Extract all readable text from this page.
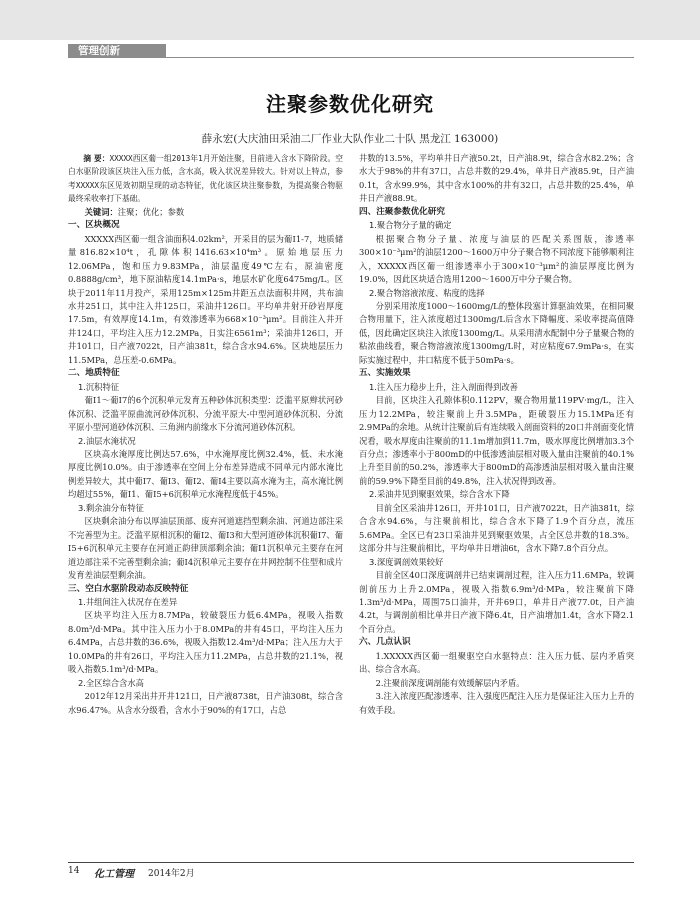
管理创新
注聚参数优化研究
薛永宏(大庆油田采油二厂作业大队作业二十队 黑龙江 163000)
摘 要：XXXXX西区葡一组2013年1月开始注聚，目前进入含水下降阶段。空白水驱阶段该区块注入压力低，含水高，吸入状况差异较大。针对以上特点，参考XXXXX东区见效初期呈现的动态特征，优化该区块注聚参数，为提高聚合物驱最终采收率打下基础。
关键词：注聚；优化；参数
一、区块概况
XXXXX西区葡一组含油面积4.02km²，开采目的层为葡Ⅰ1-7，地质储量816.82×10⁴t，孔隙体积1416.63×10⁴m³。原始地层压力12.06MPa，饱和压力9.83MPa，油层温度49℃左右，原油密度0.8888g/cm³，地下原油粘度14.1mPa·s，地层水矿化度6475mg/L。区块于2011年11月投产，采用125m×125m井距五点法面积井网，共布油水井251口，其中注入井125口，采油井126口。平均单井射开砂岩厚度17.5m，有效厚度14.1m，有效渗透率为668×10⁻³μm²。目前注入井开井124口，平均注入压力12.2MPa，日实注6561m³；采油井126口，开井101口，日产液7022t，日产油381t，综合含水94.6%。区块地层压力11.5MPa，总压差-0.6MPa。
二、地质特征
1.沉积特征
葡Ⅰ1～葡Ⅰ7的6个沉积单元发育五种砂体沉积类型：泛滥平原辫状河砂体沉积、泛滥平原曲流河砂体沉积、分流平原大-中型河道砂体沉积、分流平原小型河道砂体沉积、三角洲内前缘水下分流河道砂体沉积。
2.油层水淹状况
区块高水淹厚度比例达57.6%，中水淹厚度比例32.4%，低、未水淹厚度比例10.0%。由于渗透率在空间上分布差异造成不同单元内部水淹比例差异较大，其中葡Ⅰ7、葡Ⅰ3、葡Ⅰ2、葡Ⅰ4主要以高水淹为主，高水淹比例均超过55%，葡Ⅰ1、葡Ⅰ5+6沉积单元水淹程度低于45%。
3.剩余油分布特征
区块剩余油分布以厚油层顶部、废弃河道遮挡型剩余油、河道边部注采不完善型为主。泛滥平原相沉积的葡Ⅰ2、葡Ⅰ3和大型河道砂体沉积葡Ⅰ7、葡Ⅰ5+6沉积单元主要存在河道正韵律顶部剩余油；葡Ⅰ1沉积单元主要存在河道边部注采不完善型剩余油；葡Ⅰ4沉积单元主要存在井网控制不住型和成片发育差油层型剩余油。
三、空白水驱阶段动态反映特征
1.井组间注入状况存在差异
区块平均注入压力8.7MPa，较破裂压力低6.4MPa，视吸入指数8.0m³/d·MPa。其中注入压力小于8.0MPa的井有45口，平均注入压力6.4MPa，占总井数的36.6%，视吸入指数12.4m³/d·MPa；注入压力大于10.0MPa的井有26口，平均注入压力11.2MPa，占总井数的21.1%，视吸入指数5.1m³/d·MPa。
2.全区综合含水高
2012年12月采出井开井121口，日产液8738t，日产油308t，综合含水96.47%。从含水分级看，含水小于90%的有17口，占总
井数的13.5%，平均单井日产液50.2t，日产油8.9t，综合含水82.2%；含水大于98%的井有37口，占总井数的29.4%，单井日产液85.9t，日产油0.1t，含水99.9%，其中含水100%的井有32口，占总井数的25.4%，单井日产液88.9t。
四、注聚参数优化研究
1.聚合物分子量的确定
根据聚合物分子量、浓度与油层的匹配关系图版，渗透率300×10⁻³μm²的油层1200～1600万中分子聚合物不同浓度下能够顺利注入，XXXXX西区葡一组渗透率小于300×10⁻³μm²的油层厚度比例为19.0%，因此区块适合选用1200～1600万中分子聚合物。
2.聚合物溶液浓度、粘度的选择
分别采用浓度1000～1600mg/L的整体段塞计算驱油效果，在相同聚合物用量下，注入浓度超过1300mg/L后含水下降幅度、采收率提高值降低，因此确定区块注入浓度1300mg/L。从采用清水配制中分子量聚合物的粘浓曲线看，聚合物溶液浓度1300mg/L时，对应粘度67.9mPa·s，在实际实施过程中，井口粘度不低于50mPa·s。
五、实施效果
1.注入压力稳步上升，注入剖面得到改善
目前，区块注入孔隙体积0.112PV，聚合物用量119PV·mg/L，注入压力12.2MPa，较注聚前上升3.5MPa，距破裂压力15.1MPa还有2.9MPa的余地。从统计注聚前后有连续吸入剖面资料的20口井剖面变化情况看，吸水厚度由注聚前的11.1m增加到11.7m，吸水厚度比例增加3.3个百分点；渗透率小于800mD的中低渗透油层相对吸入量由注聚前的40.1%上升至目前的50.2%，渗透率大于800mD的高渗透油层相对吸入量由注聚前的59.9%下降至目前的49.8%，注入状况得到改善。
2.采油井见到聚驱效果，综合含水下降
目前全区采油井126口，开井101口，日产液7022t，日产油381t，综合含水94.6%，与注聚前相比，综合含水下降了1.9个百分点，流压5.6MPa。全区已有23口采油井见到聚驱效果，占全区总井数的18.3%。这部分井与注聚前相比，平均单井日增油6t，含水下降7.8个百分点。
3.深度调剖效果较好
目前全区40口深度调剖井已结束调剖过程，注入压力11.6MPa，较调剖前压力上升2.0MPa，视吸入指数6.9m³/d·MPa，较注聚前下降1.3m³/d·MPa，周围75口油井，开井69口，单井日产液77.0t，日产油4.2t，与调剖前相比单井日产液下降6.4t，日产油增加1.4t，含水下降2.1个百分点。
六、几点认识
1.XXXXX西区葡一组聚驱空白水驱特点：注入压力低、层内矛盾突出、综合含水高。
2.注聚前深度调剖能有效缓解层内矛盾。
3.注入浓度匹配渗透率、注入强度匹配注入压力是保证注入压力上升的有效手段。
14 化工管理 2014年2月
